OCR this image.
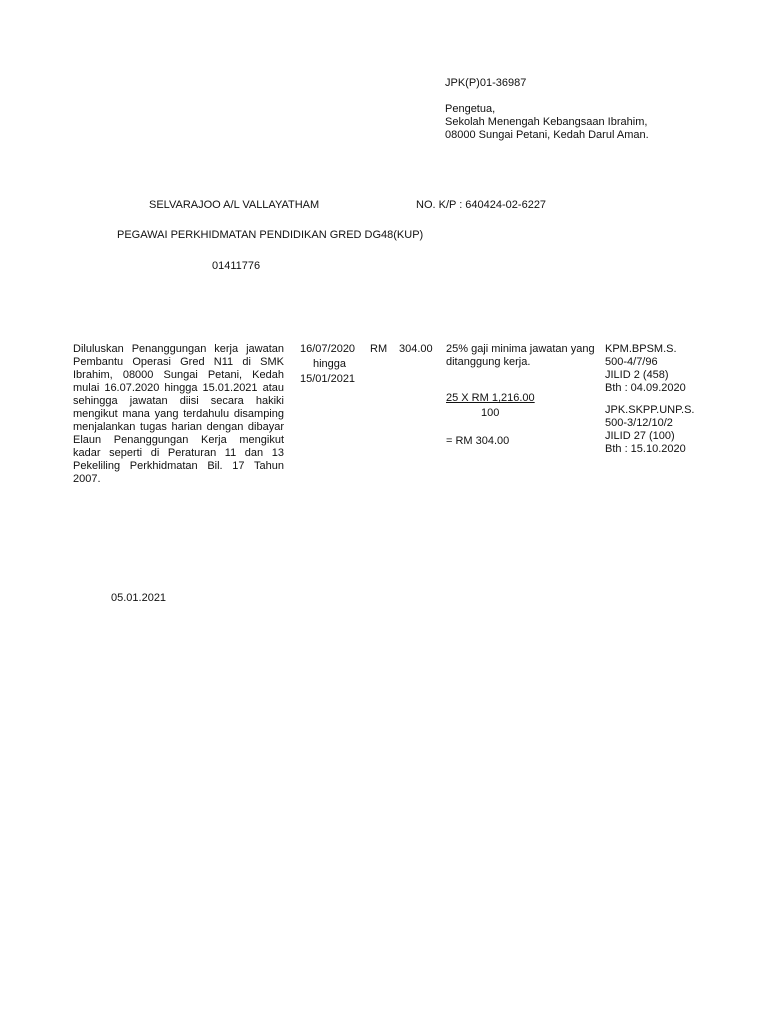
JPK(P)01-36987
Pengetua,
Sekolah Menengah Kebangsaan Ibrahim,
08000 Sungai Petani, Kedah Darul Aman.
SELVARAJOO A/L VALLAYATHAM	NO. K/P : 640424-02-6227
PEGAWAI PERKHIDMATAN PENDIDIKAN GRED DG48(KUP)
01411776
Diluluskan Penanggungan kerja jawatan Pembantu Operasi Gred N11 di SMK Ibrahim, 08000 Sungai Petani, Kedah mulai 16.07.2020 hingga 15.01.2021 atau sehingga jawatan diisi secara hakiki mengikut mana yang terdahulu disamping menjalankan tugas harian dengan dibayar Elaun Penanggungan Kerja mengikut kadar seperti di Peraturan 11 dan 13 Pekeliling Perkhidmatan Bil. 17 Tahun 2007.
16/07/2020
hingga
15/01/2021
RM 304.00 25% gaji minima jawatan yang ditanggung kerja.
25 X RM 1,216.00
100
= RM 304.00
KPM.BPSM.S.
500-4/7/96
JILID 2 (458)
Bth : 04.09.2020
JPK.SKPP.UNP.S.
500-3/12/10/2
JILID 27 (100)
Bth : 15.10.2020
05.01.2021
